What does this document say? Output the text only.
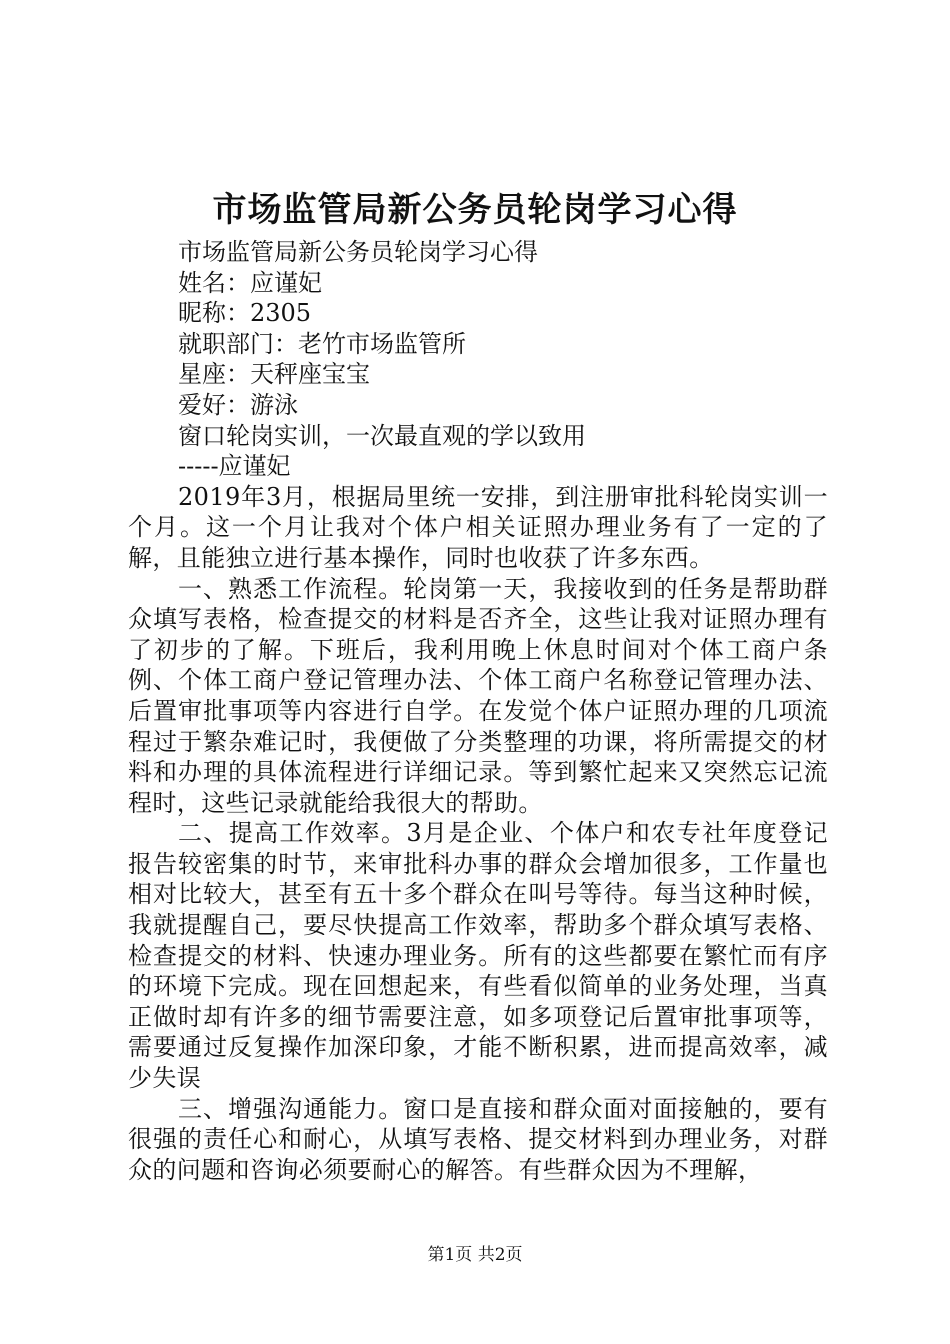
市场监管局新公务员轮岗学习心得
市场监管局新公务员轮岗学习心得
姓名：应谨妃
昵称：2305
就职部门：老竹市场监管所
星座：天秤座宝宝
爱好：游泳
窗口轮岗实训，一次最直观的学以致用
-----应谨妃

2019年3月，根据局里统一安排，到注册审批科轮岗实训一个月。这一个月让我对个体户相关证照办理业务有了一定的了解，且能独立进行基本操作，同时也收获了许多东西。

一、熟悉工作流程。轮岗第一天，我接收到的任务是帮助群众填写表格，检查提交的材料是否齐全，这些让我对证照办理有了初步的了解。下班后，我利用晚上休息时间对个体工商户条例、个体工商户登记管理办法、个体工商户名称登记管理办法、后置审批事项等内容进行自学。在发觉个体户证照办理的几项流程过于繁杂难记时，我便做了分类整理的功课，将所需提交的材料和办理的具体流程进行详细记录。等到繁忙起来又突然忘记流程时，这些记录就能给我很大的帮助。

二、提高工作效率。3月是企业、个体户和农专社年度登记报告较密集的时节，来审批科办事的群众会增加很多，工作量也相对比较大，甚至有五十多个群众在叫号等待。每当这种时候，我就提醒自己，要尽快提高工作效率，帮助多个群众填写表格、检查提交的材料、快速办理业务。所有的这些都要在繁忙而有序的环境下完成。现在回想起来，有些看似简单的业务处理，当真正做时却有许多的细节需要注意，如多项登记后置审批事项等，需要通过反复操作加深印象，才能不断积累，进而提高效率，减少失误

三、增强沟通能力。窗口是直接和群众面对面接触的，要有很强的责任心和耐心，从填写表格、提交材料到办理业务，对群众的问题和咨询必须要耐心的解答。有些群众因为不理解，

第1页 共2页
